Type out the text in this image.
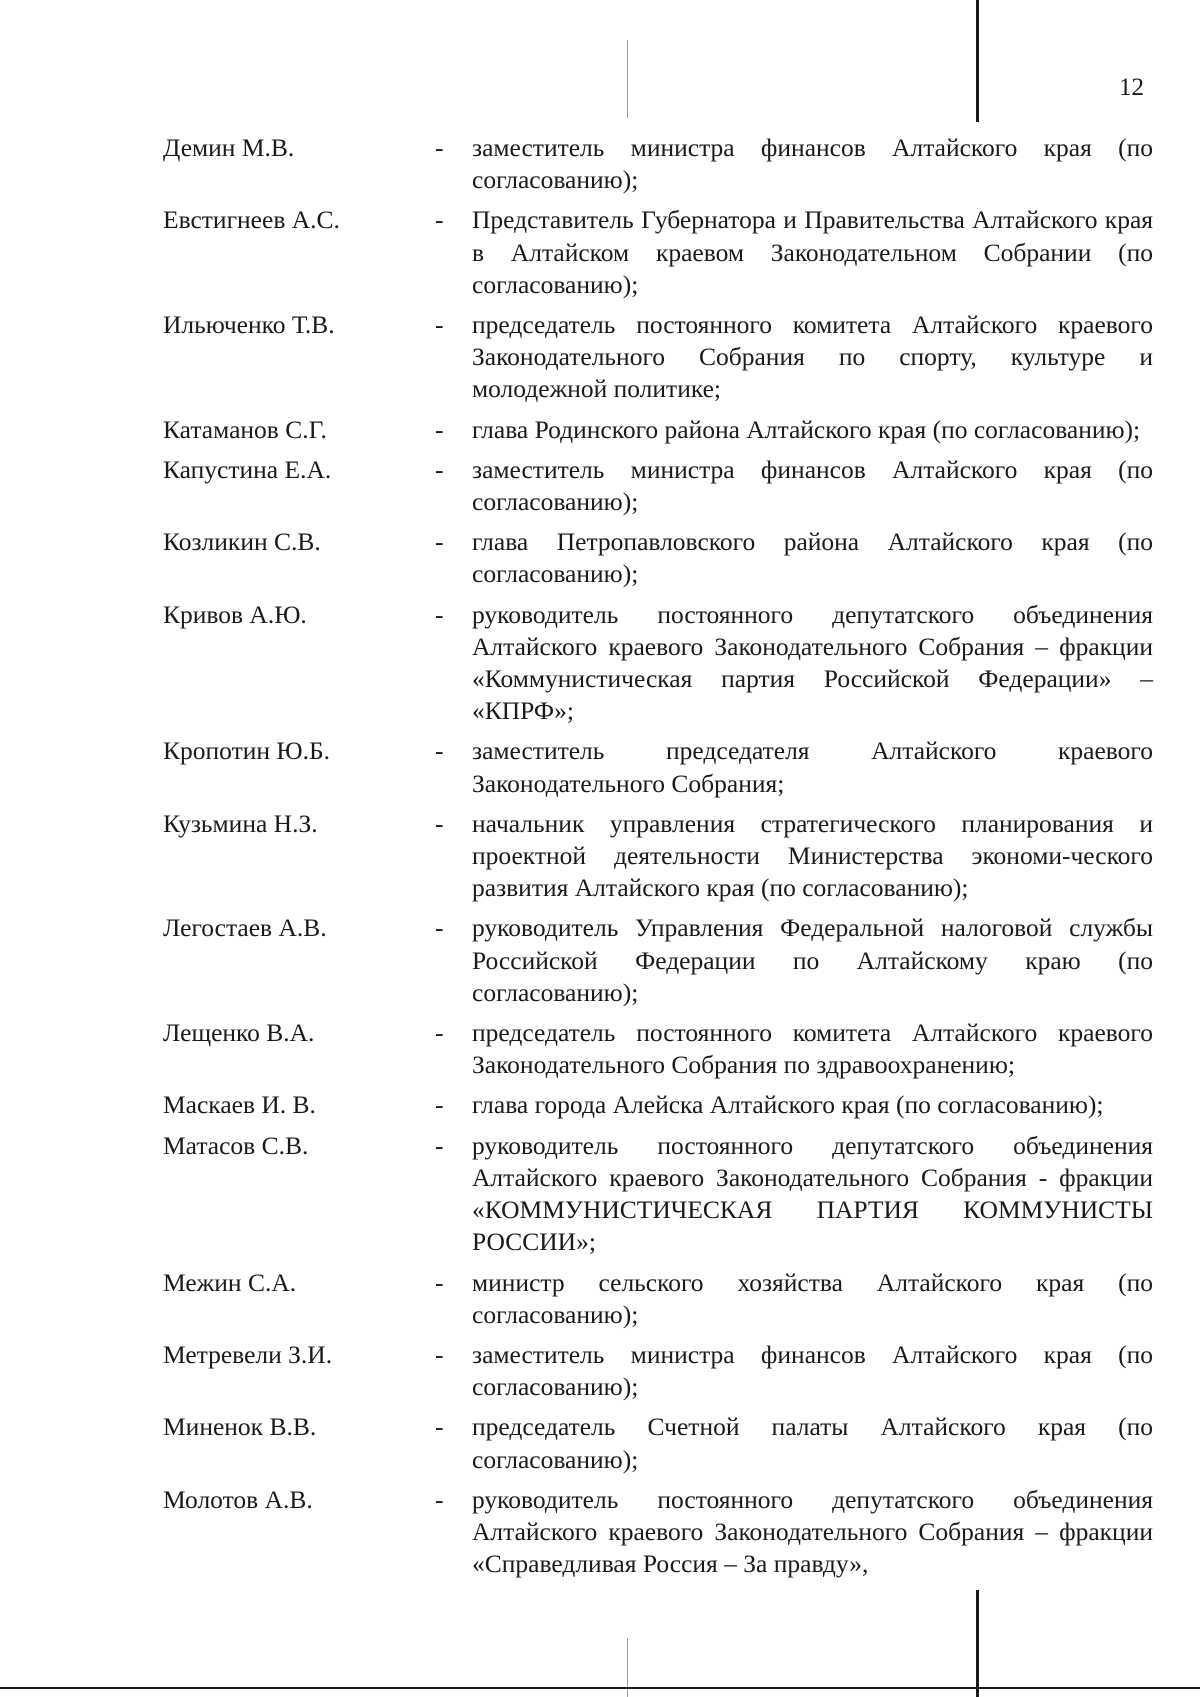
12
Демин М.В.	-	заместитель министра финансов Алтайского края (по согласованию);
Евстигнеев А.С.	-	Представитель Губернатора и Правительства Алтайского края в Алтайском краевом Законодательном Собрании (по согласованию);
Ильюченко Т.В.	-	председатель постоянного комитета Алтайского краевого Законодательного Собрания по спорту, культуре и молодежной политике;
Катаманов С.Г.	-	глава Родинского района Алтайского края (по согласованию);
Капустина Е.А.	-	заместитель министра финансов Алтайского края (по согласованию);
Козликин С.В.	-	глава Петропавловского района Алтайского края (по согласованию);
Кривов А.Ю.	-	руководитель постоянного депутатского объединения Алтайского краевого Законодательного Собрания – фракции «Коммунистическая партия Российской Федерации» – «КПРФ»;
Кропотин Ю.Б.	-	заместитель председателя Алтайского краевого Законодательного Собрания;
Кузьмина Н.З.	-	начальник управления стратегического планирования и проектной деятельности Министерства экономи-ческого развития Алтайского края (по согласованию);
Легостаев А.В.	-	руководитель Управления Федеральной налоговой службы Российской Федерации по Алтайскому краю (по согласованию);
Лещенко В.А.	-	председатель постоянного комитета Алтайского краевого Законодательного Собрания по здравоохранению;
Маскаев И. В.	-	глава города Алейска Алтайского края (по согласованию);
Матасов С.В.	-	руководитель постоянного депутатского объединения Алтайского краевого Законодательного Собрания - фракции «КОММУНИСТИЧЕСКАЯ ПАРТИЯ КОММУНИСТЫ РОССИИ»;
Межин С.А.	-	министр сельского хозяйства Алтайского края (по согласованию);
Метревели З.И.	-	заместитель министра финансов Алтайского края (по согласованию);
Миненок В.В.	-	председатель Счетной палаты Алтайского края (по согласованию);
Молотов А.В.	-	руководитель постоянного депутатского объединения Алтайского краевого Законодательного Собрания – фракции «Справедливая Россия – За правду»,
